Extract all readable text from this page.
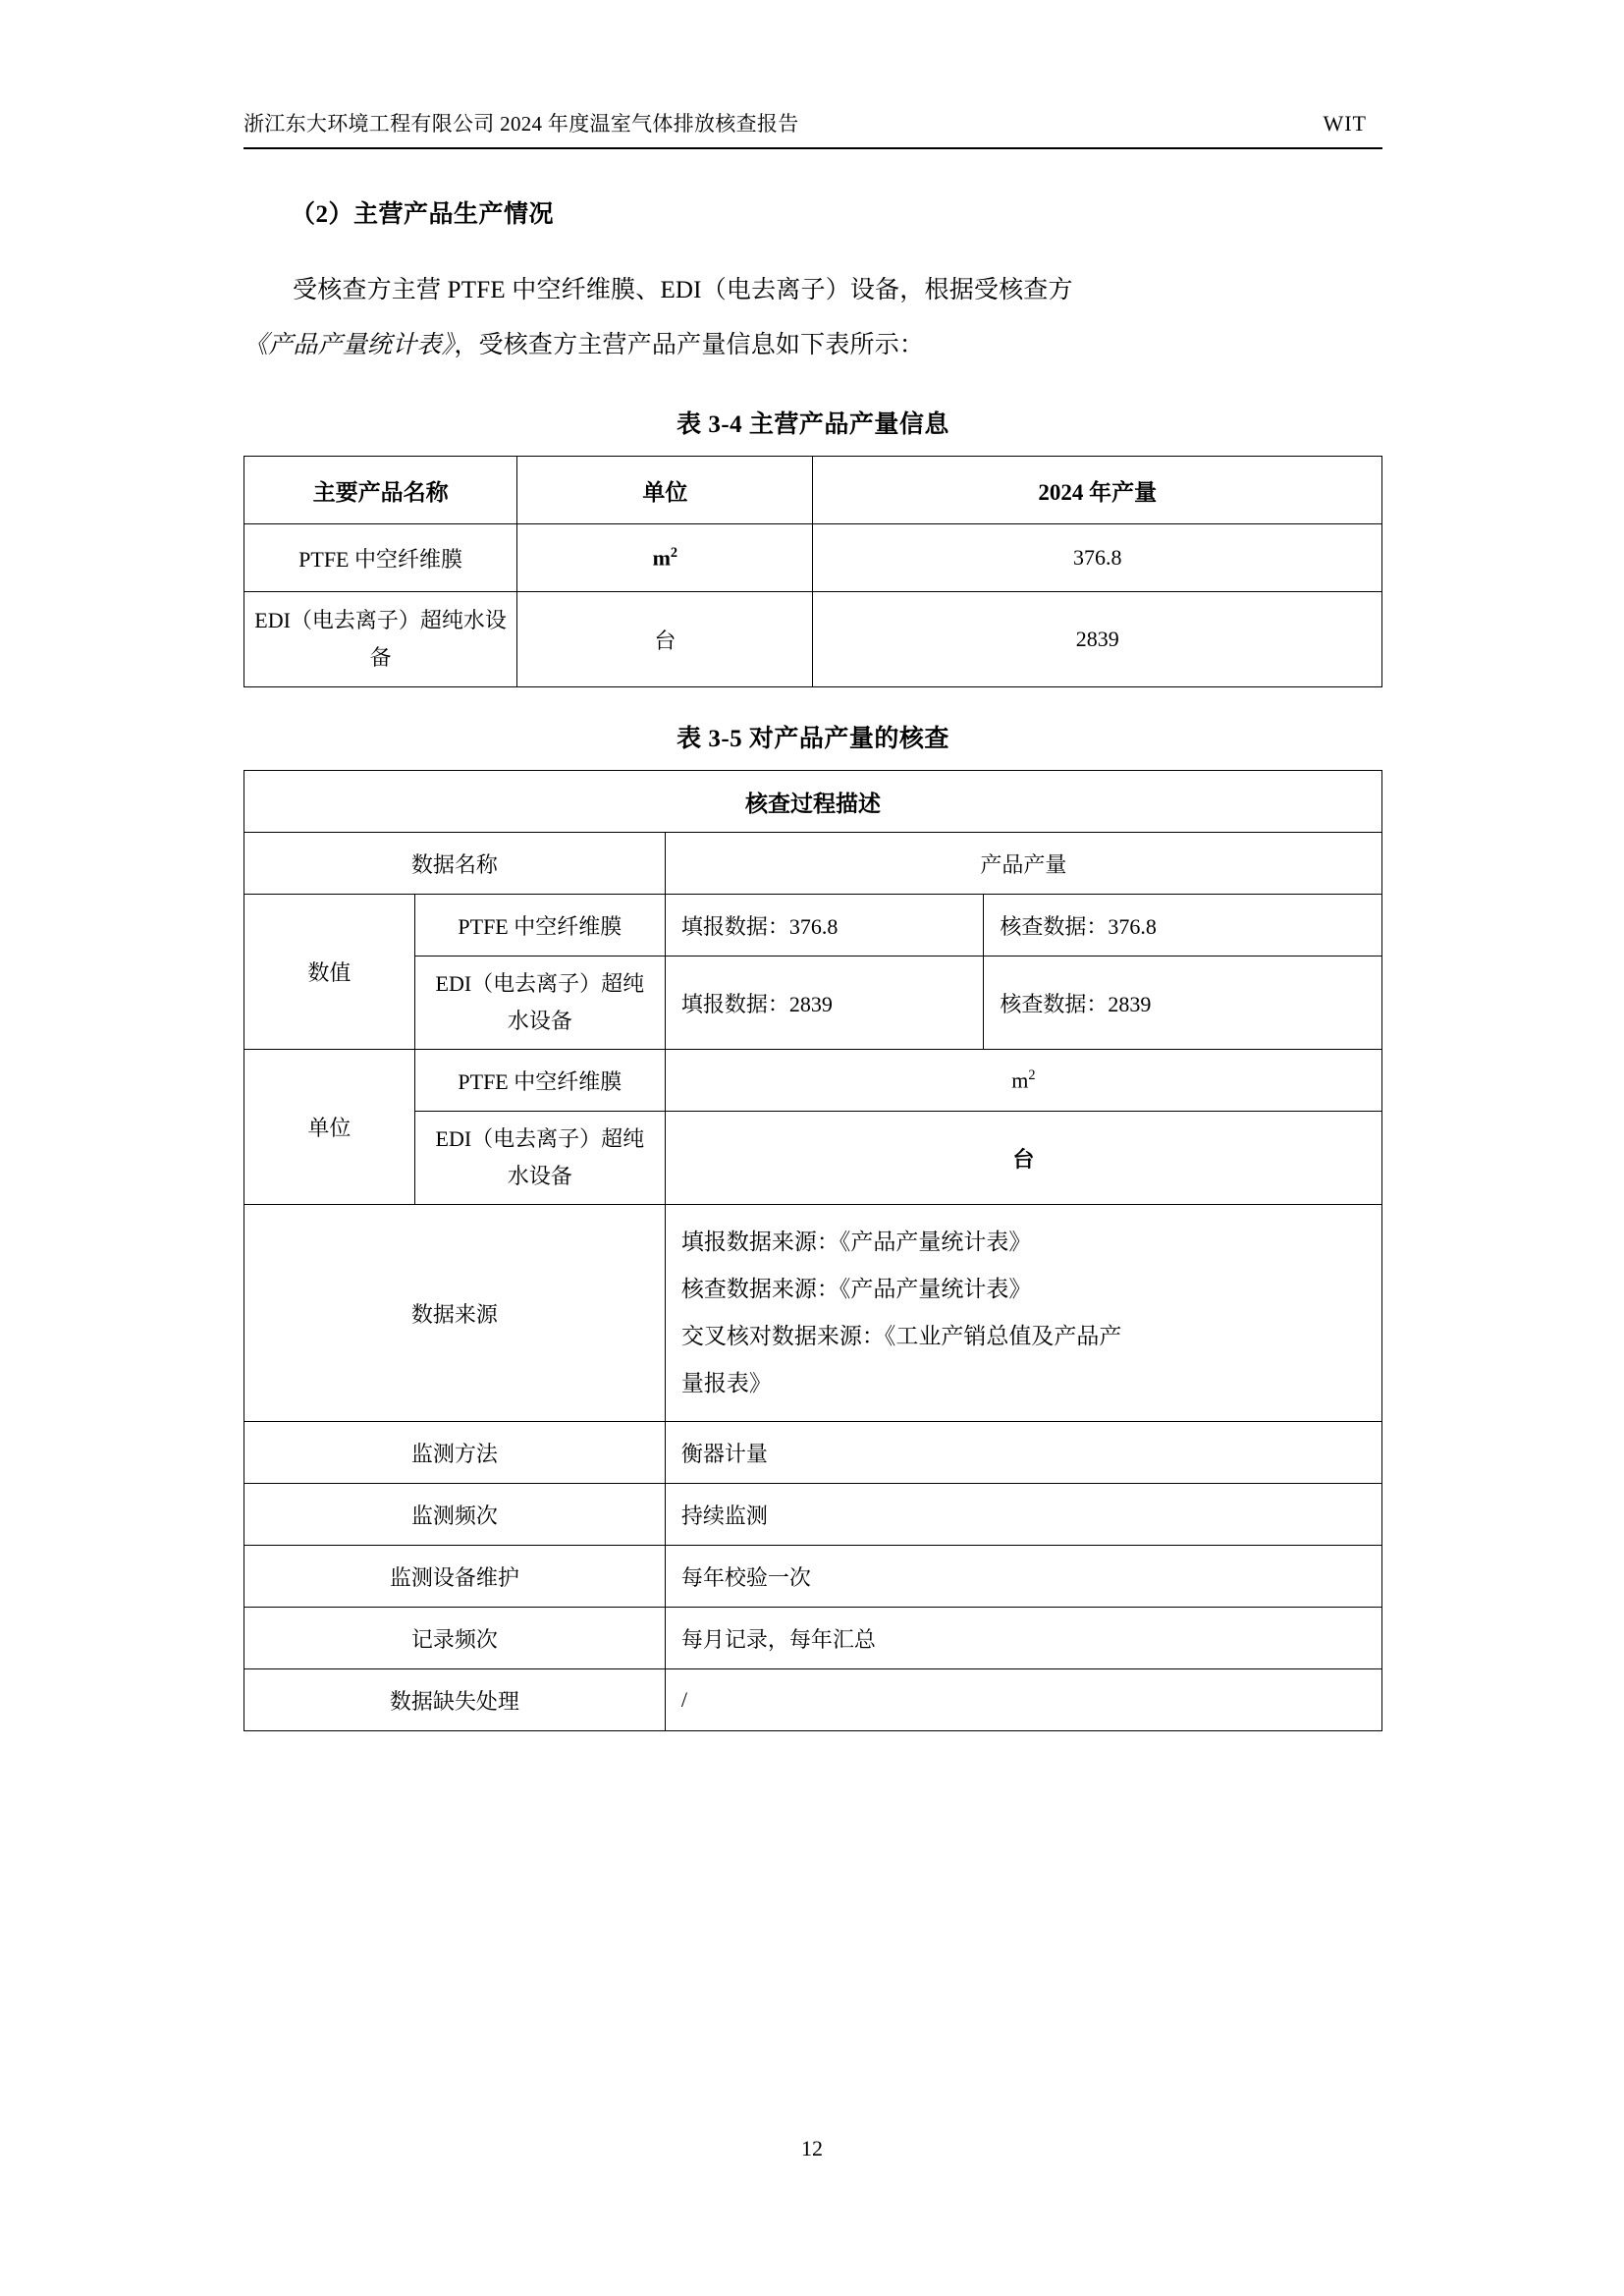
浙江东大环境工程有限公司 2024 年度温室气体排放核查报告	WIT
（2）主营产品生产情况
受核查方主营 PTFE 中空纤维膜、EDI（电去离子）设备，根据受核查方
《产品产量统计表》，受核查方主营产品产量信息如下表所示：
表 3-4 主营产品产量信息
主要产品名称	单位	2024 年产量
PTFE 中空纤维膜	$m^2$	376.8
EDI（电去离子）超纯水设备	台	2839
表 3-5 对产品产量的核查
核查过程描述			
数据名称		产品产量	
数值	PTFE 中空纤维膜	填报数据：376.8	核查数据：376.8
	EDI（电去离子）超纯水设备	填报数据：2839	核查数据：2839
单位	PTFE 中空纤维膜	$m^2$
	EDI（电去离子）超纯水设备	台	
数据来源		填报数据来源：《产品产量统计表》
核查数据来源：《产品产量统计表》
交叉核对数据来源：《工业产销总值及产品产
量报表》	

监测方法		衡器计量	
监测频次		持续监测	
监测设备维护		每年校验一次	
记录频次		每月记录，每年汇总	
数据缺失处理		/	
12
